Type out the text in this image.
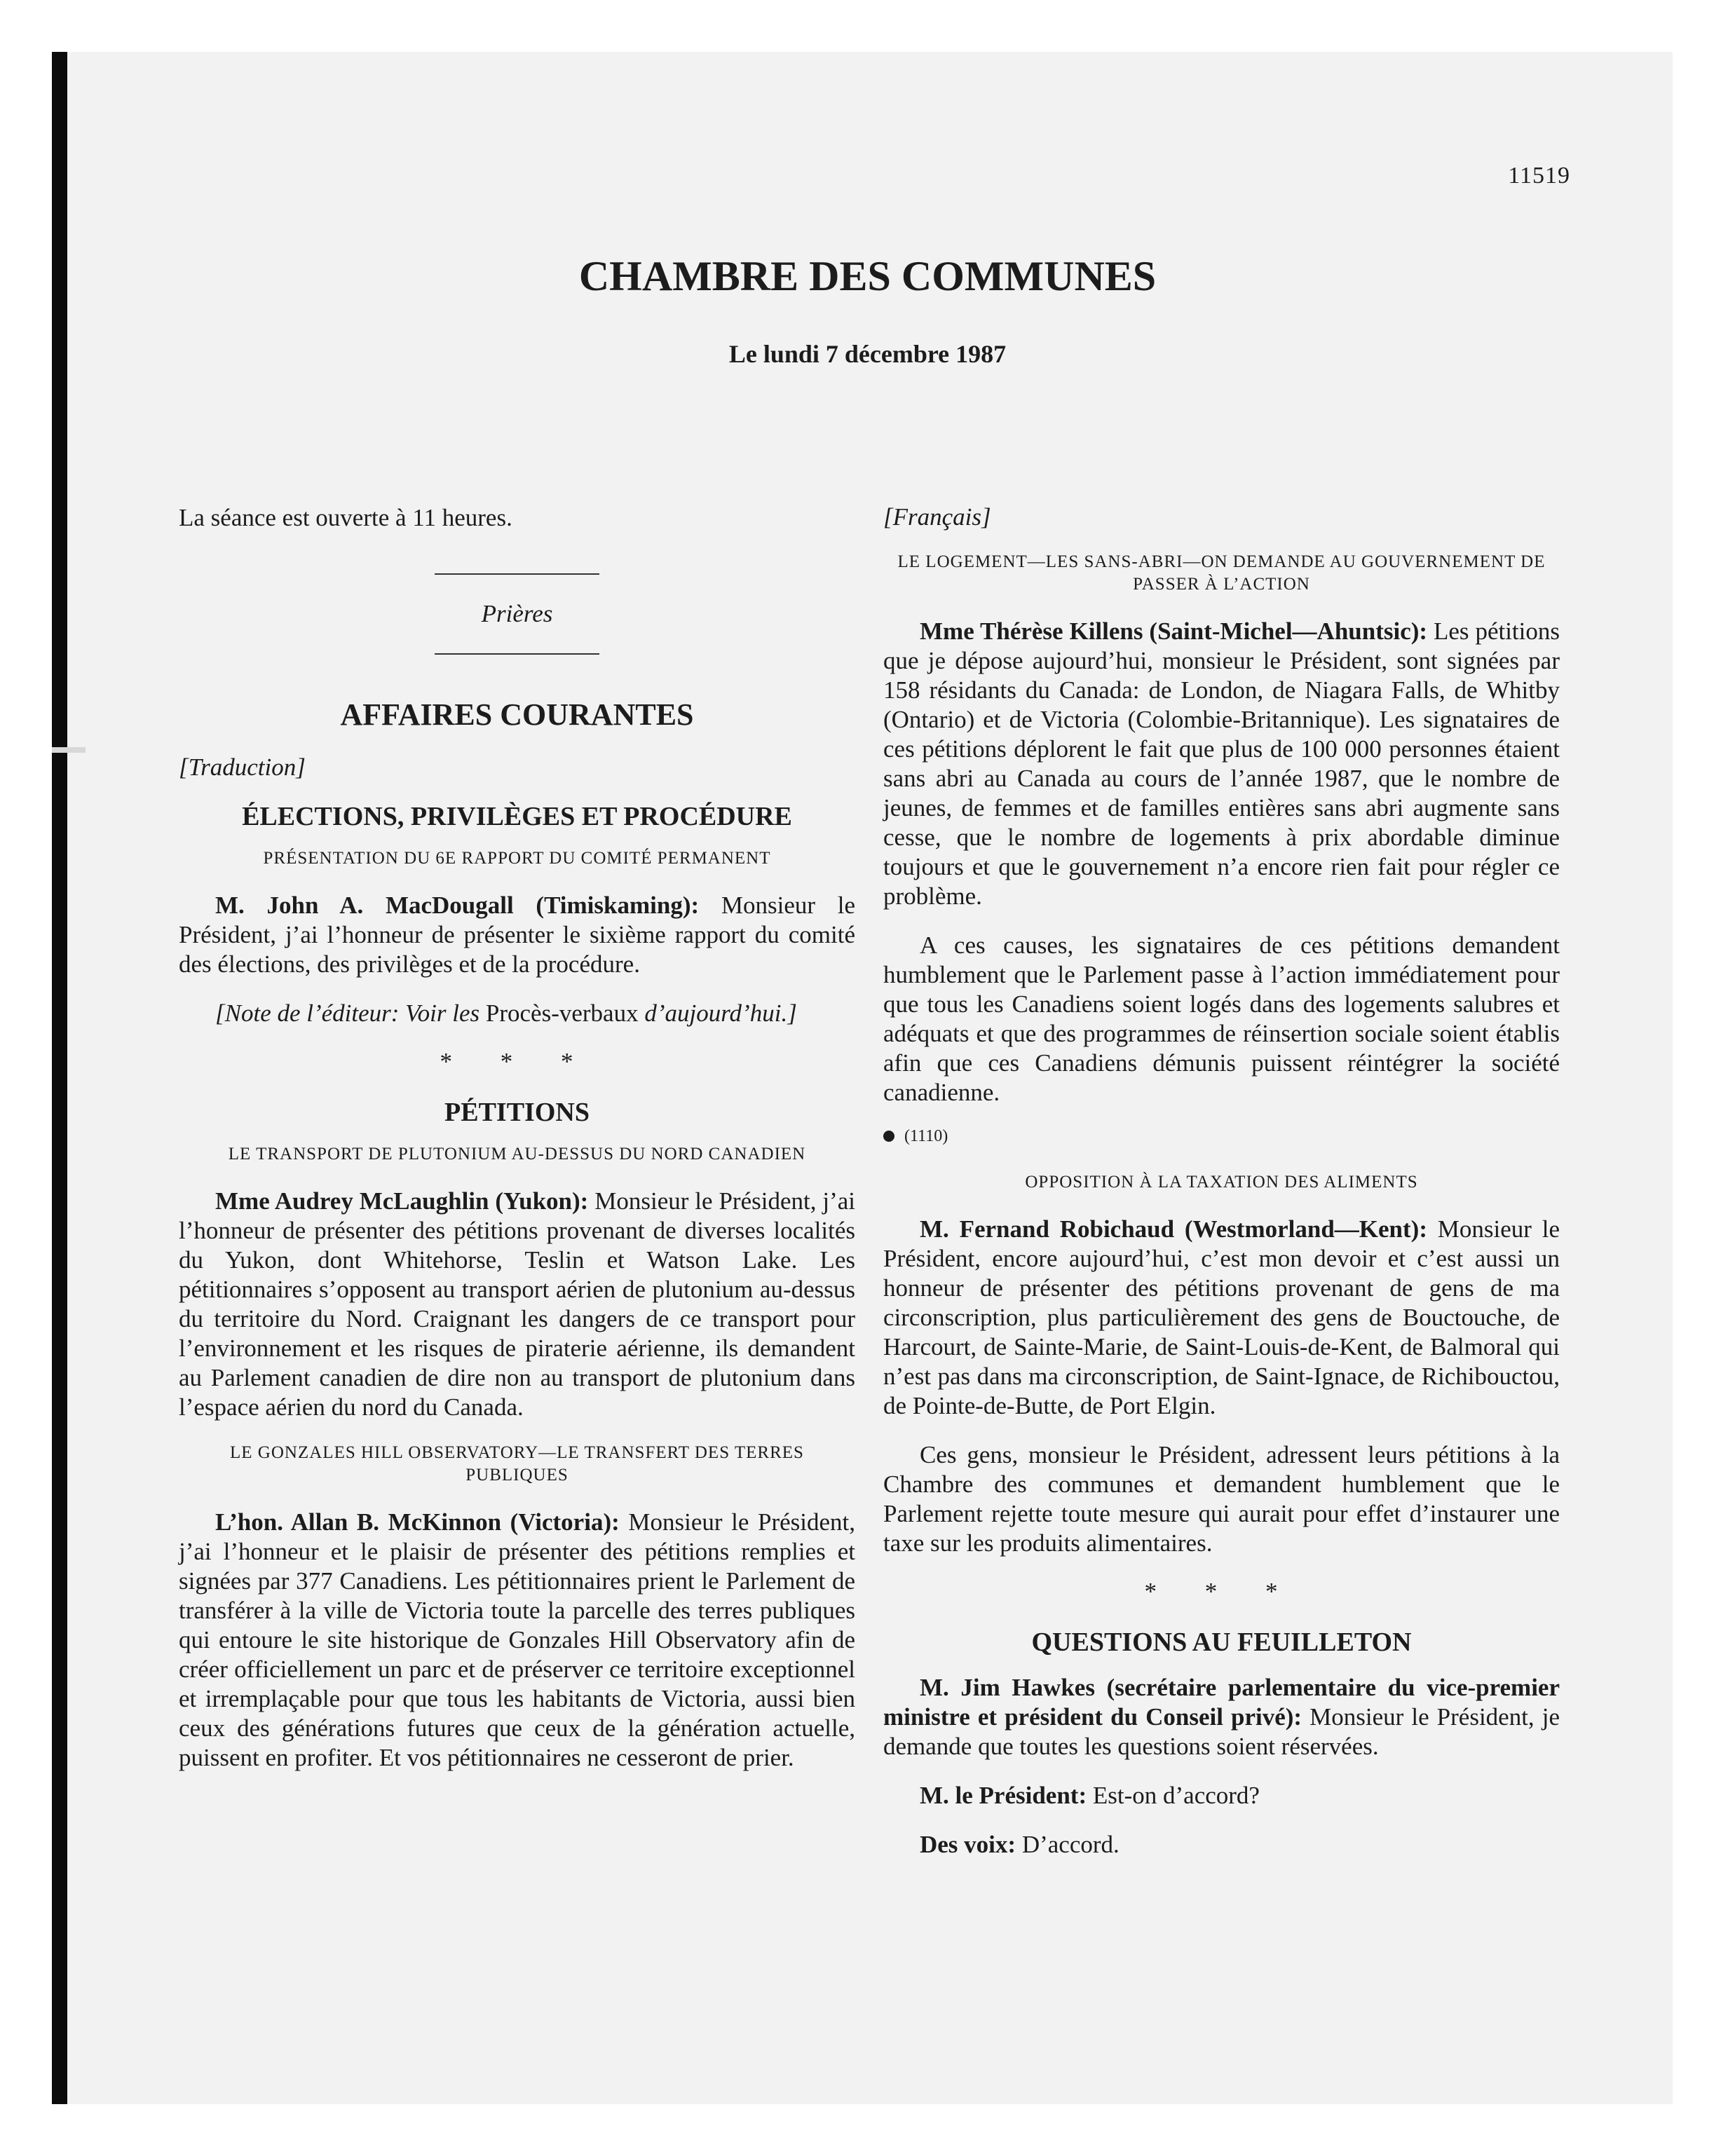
11519
CHAMBRE DES COMMUNES
Le lundi 7 décembre 1987

La séance est ouverte à 11 heures.

Prières
AFFAIRES COURANTES
[Traduction]
ÉLECTIONS, PRIVILÈGES ET PROCÉDURE
PRÉSENTATION DU 6E RAPPORT DU COMITÉ PERMANENT

M. John A. MacDougall (Timiskaming): Monsieur le Président, j’ai l’honneur de présenter le sixième rapport du comité des élections, des privilèges et de la procédure.

[Note de l’éditeur: Voir les Procès-verbaux d’aujourd’hui.]

* * *
PÉTITIONS
LE TRANSPORT DE PLUTONIUM AU-DESSUS DU NORD CANADIEN

Mme Audrey McLaughlin (Yukon): Monsieur le Président, j’ai l’honneur de présenter des pétitions provenant de diverses localités du Yukon, dont Whitehorse, Teslin et Watson Lake. Les pétitionnaires s’opposent au transport aérien de plutonium au-dessus du territoire du Nord. Craignant les dangers de ce transport pour l’environnement et les risques de piraterie aérienne, ils demandent au Parlement canadien de dire non au transport de plutonium dans l’espace aérien du nord du Canada.

LE GONZALES HILL OBSERVATORY—LE TRANSFERT DES TERRES PUBLIQUES

L’hon. Allan B. McKinnon (Victoria): Monsieur le Président, j’ai l’honneur et le plaisir de présenter des pétitions remplies et signées par 377 Canadiens. Les pétitionnaires prient le Parlement de transférer à la ville de Victoria toute la parcelle des terres publiques qui entoure le site historique de Gonzales Hill Observatory afin de créer officiellement un parc et de préserver ce territoire exceptionnel et irremplaçable pour que tous les habitants de Victoria, aussi bien ceux des générations futures que ceux de la génération actuelle, puissent en profiter. Et vos pétitionnaires ne cesseront de prier.

[Français]
LE LOGEMENT—LES SANS-ABRI—ON DEMANDE AU GOUVERNEMENT DE PASSER À L’ACTION

Mme Thérèse Killens (Saint-Michel—Ahuntsic): Les pétitions que je dépose aujourd’hui, monsieur le Président, sont signées par 158 résidants du Canada: de London, de Niagara Falls, de Whitby (Ontario) et de Victoria (Colombie-Britannique). Les signataires de ces pétitions déplorent le fait que plus de 100 000 personnes étaient sans abri au Canada au cours de l’année 1987, que le nombre de jeunes, de femmes et de familles entières sans abri augmente sans cesse, que le nombre de logements à prix abordable diminue toujours et que le gouvernement n’a encore rien fait pour régler ce problème.

A ces causes, les signataires de ces pétitions demandent humblement que le Parlement passe à l’action immédiatement pour que tous les Canadiens soient logés dans des logements salubres et adéquats et que des programmes de réinsertion sociale soient établis afin que ces Canadiens démunis puissent réintégrer la société canadienne.

(1110)
OPPOSITION À LA TAXATION DES ALIMENTS

M. Fernand Robichaud (Westmorland—Kent): Monsieur le Président, encore aujourd’hui, c’est mon devoir et c’est aussi un honneur de présenter des pétitions provenant de gens de ma circonscription, plus particulièrement des gens de Bouctouche, de Harcourt, de Sainte-Marie, de Saint-Louis-de-Kent, de Balmoral qui n’est pas dans ma circonscription, de Saint-Ignace, de Richibouctou, de Pointe-de-Butte, de Port Elgin.

Ces gens, monsieur le Président, adressent leurs pétitions à la Chambre des communes et demandent humblement que le Parlement rejette toute mesure qui aurait pour effet d’instaurer une taxe sur les produits alimentaires.

* * *
QUESTIONS AU FEUILLETON

M. Jim Hawkes (secrétaire parlementaire du vice-premier ministre et président du Conseil privé): Monsieur le Président, je demande que toutes les questions soient réservées.

M. le Président: Est-on d’accord?

Des voix: D’accord.
